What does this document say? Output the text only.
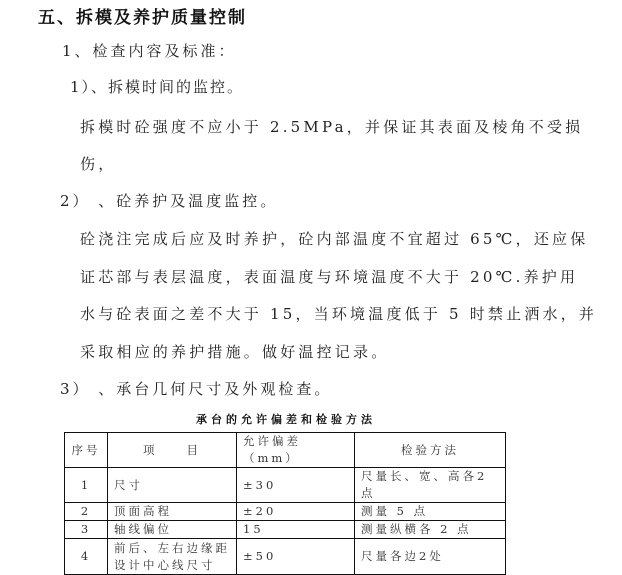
五、拆模及养护质量控制
1、检查内容及标准：
1）、拆模时间的监控。
拆模时砼强度不应小于 2.5MPa，并保证其表面及棱角不受损
伤，
2） 、砼养护及温度监控。
砼浇注完成后应及时养护，砼内部温度不宜超过 65℃，还应保
证芯部与表层温度，表面温度与环境温度不大于 20℃.养护用
水与砼表面之差不大于 15，当环境温度低于 5 时禁止洒水，并
采取相应的养护措施。做好温控记录。
3） 、承台几何尺寸及外观检查。
承台的允许偏差和检验方法
序号	项　　目	允许偏差（mm）	检验方法
1	尺寸	±30	尺量长、宽、高各2点
2	顶面高程	±20	测量 5 点
3	轴线偏位	15	测量纵横各 2 点
4	前后、左右边缘距设计中心线尺寸	±50	尺量各边2处
